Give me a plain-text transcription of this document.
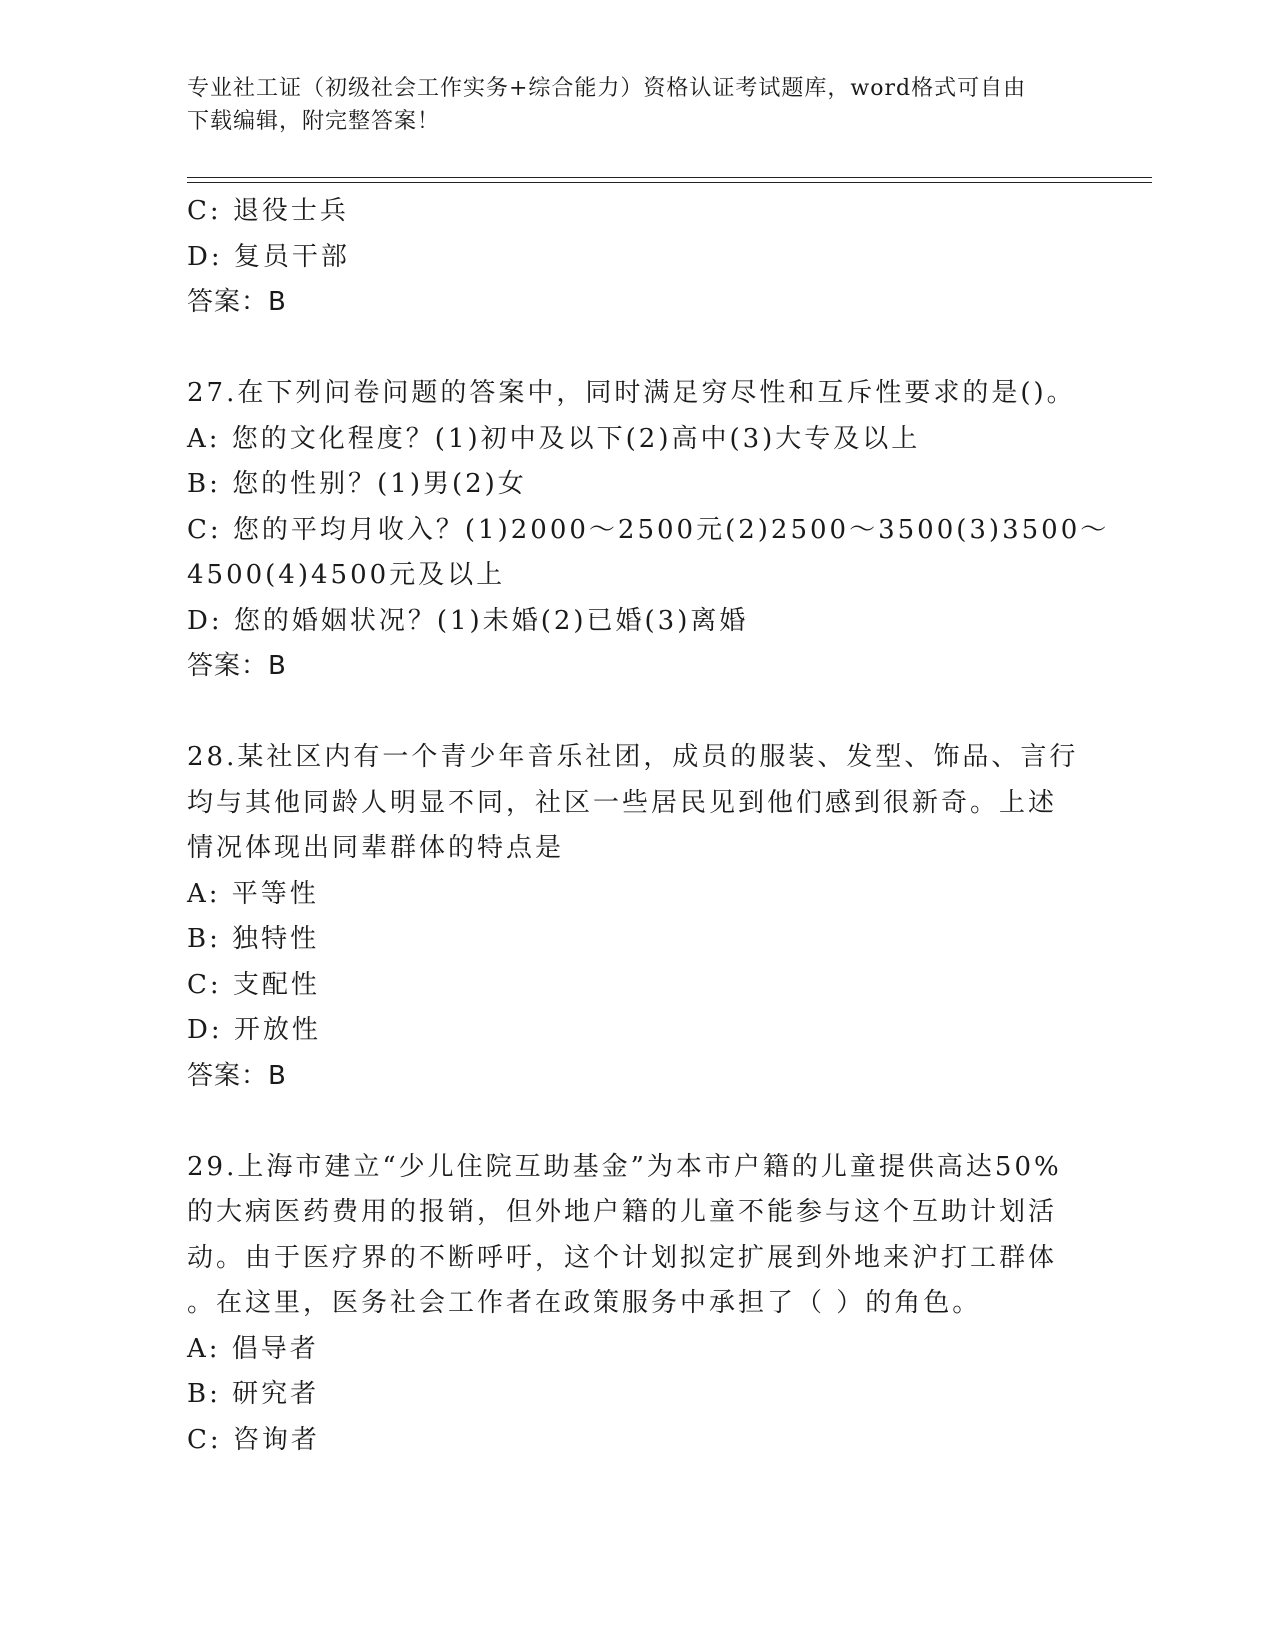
专业社工证（初级社会工作实务+综合能力）资格认证考试题库，word格式可自由
下载编辑，附完整答案！
C: 退役士兵
D: 复员干部
答案：B
27.在下列问卷问题的答案中，同时满足穷尽性和互斥性要求的是()。
A: 您的文化程度？(1)初中及以下(2)高中(3)大专及以上
B: 您的性别？(1)男(2)女
C: 您的平均月收入？(1)2000～2500元(2)2500～3500(3)3500～
4500(4)4500元及以上
D: 您的婚姻状况？(1)未婚(2)已婚(3)离婚
答案：B
28.某社区内有一个青少年音乐社团，成员的服装、发型、饰品、言行
均与其他同龄人明显不同，社区一些居民见到他们感到很新奇。上述
情况体现出同辈群体的特点是
A: 平等性
B: 独特性
C: 支配性
D: 开放性
答案：B
29.上海市建立“少儿住院互助基金”为本市户籍的儿童提供高达50%
的大病医药费用的报销，但外地户籍的儿童不能参与这个互助计划活
动。由于医疗界的不断呼吁，这个计划拟定扩展到外地来沪打工群体
。在这里，医务社会工作者在政策服务中承担了（ ）的角色。
A: 倡导者
B: 研究者
C: 咨询者
